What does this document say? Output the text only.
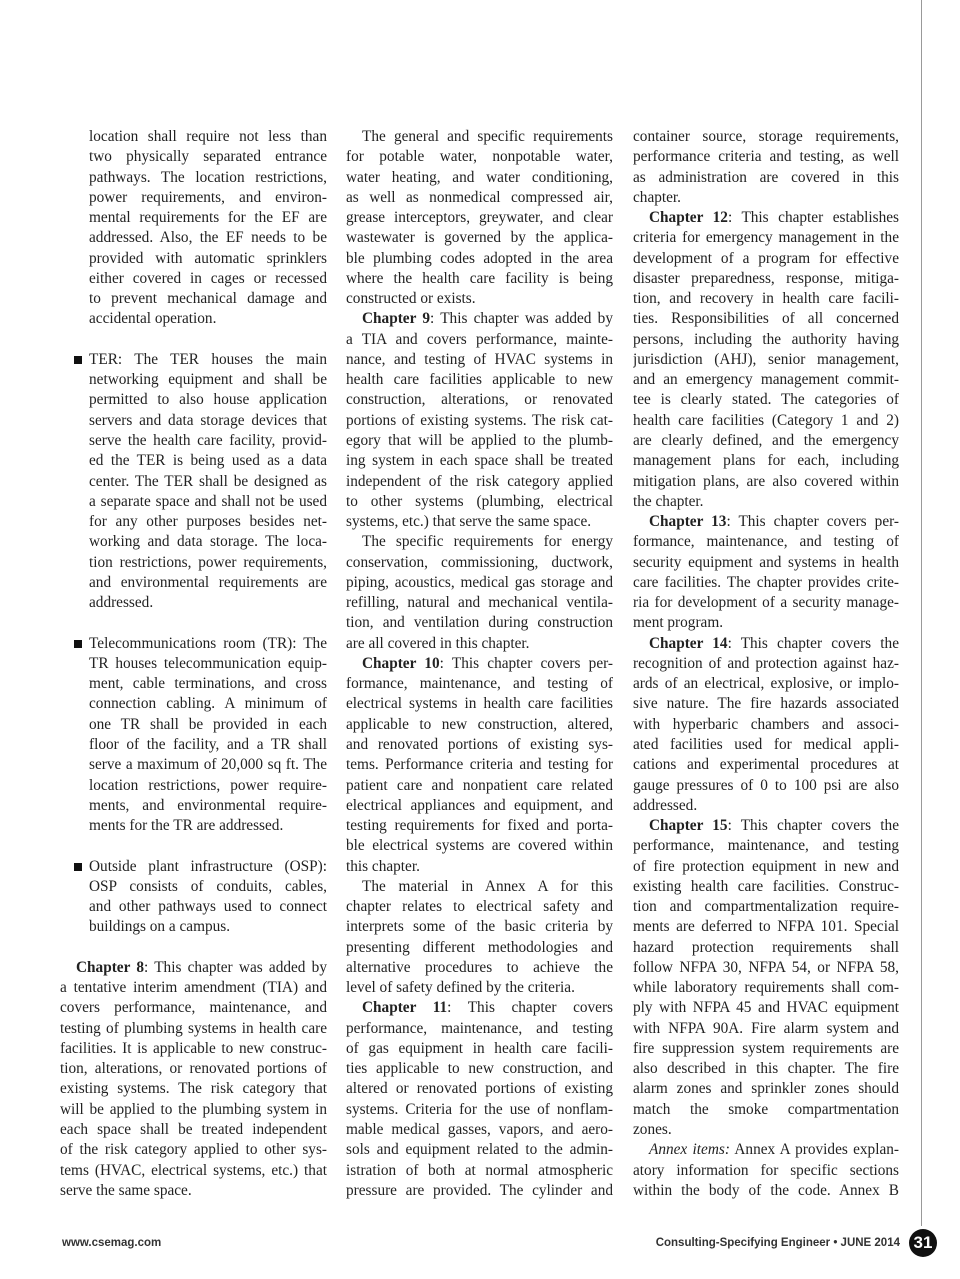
location shall require not less than
two physically separated entrance
pathways. The location restrictions,
power requirements, and environ-
mental requirements for the EF are
addressed. Also, the EF needs to be
provided with automatic sprinklers
either covered in cages or recessed
to prevent mechanical damage and
accidental operation.
TER: The TER houses the main
networking equipment and shall be
permitted to also house application
servers and data storage devices that
serve the health care facility, provid-
ed the TER is being used as a data
center. The TER shall be designed as
a separate space and shall not be used
for any other purposes besides net-
working and data storage. The loca-
tion restrictions, power requirements,
and environmental requirements are
addressed.
Telecommunications room (TR): The
TR houses telecommunication equip-
ment, cable terminations, and cross
connection cabling. A minimum of
one TR shall be provided in each
floor of the facility, and a TR shall
serve a maximum of 20,000 sq ft. The
location restrictions, power require-
ments, and environmental require-
ments for the TR are addressed.
Outside plant infrastructure (OSP):
OSP consists of conduits, cables,
and other pathways used to connect
buildings on a campus.
Chapter 8: This chapter was added by
a tentative interim amendment (TIA) and
covers performance, maintenance, and
testing of plumbing systems in health care
facilities. It is applicable to new construc-
tion, alterations, or renovated portions of
existing systems. The risk category that
will be applied to the plumbing system in
each space shall be treated independent
of the risk category applied to other sys-
tems (HVAC, electrical systems, etc.) that
serve the same space.
The general and specific requirements
for potable water, nonpotable water,
water heating, and water conditioning,
as well as nonmedical compressed air,
grease interceptors, greywater, and clear
wastewater is governed by the applica-
ble plumbing codes adopted in the area
where the health care facility is being
constructed or exists.
Chapter 9: This chapter was added by
a TIA and covers performance, mainte-
nance, and testing of HVAC systems in
health care facilities applicable to new
construction, alterations, or renovated
portions of existing systems. The risk cat-
egory that will be applied to the plumb-
ing system in each space shall be treated
independent of the risk category applied
to other systems (plumbing, electrical
systems, etc.) that serve the same space.
The specific requirements for energy
conservation, commissioning, ductwork,
piping, acoustics, medical gas storage and
refilling, natural and mechanical ventila-
tion, and ventilation during construction
are all covered in this chapter.
Chapter 10: This chapter covers per-
formance, maintenance, and testing of
electrical systems in health care facilities
applicable to new construction, altered,
and renovated portions of existing sys-
tems. Performance criteria and testing for
patient care and nonpatient care related
electrical appliances and equipment, and
testing requirements for fixed and porta-
ble electrical systems are covered within
this chapter.
The material in Annex A for this
chapter relates to electrical safety and
interprets some of the basic criteria by
presenting different methodologies and
alternative procedures to achieve the
level of safety defined by the criteria.
Chapter 11: This chapter covers
performance, maintenance, and testing
of gas equipment in health care facili-
ties applicable to new construction, and
altered or renovated portions of existing
systems. Criteria for the use of nonflam-
mable medical gasses, vapors, and aero-
sols and equipment related to the admin-
istration of both at normal atmospheric
pressure are provided. The cylinder and
container source, storage requirements,
performance criteria and testing, as well
as administration are covered in this
chapter.
Chapter 12: This chapter establishes
criteria for emergency management in the
development of a program for effective
disaster preparedness, response, mitiga-
tion, and recovery in health care facili-
ties. Responsibilities of all concerned
persons, including the authority having
jurisdiction (AHJ), senior management,
and an emergency management commit-
tee is clearly stated. The categories of
health care facilities (Category 1 and 2)
are clearly defined, and the emergency
management plans for each, including
mitigation plans, are also covered within
the chapter.
Chapter 13: This chapter covers per-
formance, maintenance, and testing of
security equipment and systems in health
care facilities. The chapter provides crite-
ria for development of a security manage-
ment program.
Chapter 14: This chapter covers the
recognition of and protection against haz-
ards of an electrical, explosive, or implo-
sive nature. The fire hazards associated
with hyperbaric chambers and associ-
ated facilities used for medical appli-
cations and experimental procedures at
gauge pressures of 0 to 100 psi are also
addressed.
Chapter 15: This chapter covers the
performance, maintenance, and testing
of fire protection equipment in new and
existing health care facilities. Construc-
tion and compartmentalization require-
ments are deferred to NFPA 101. Special
hazard protection requirements shall
follow NFPA 30, NFPA 54, or NFPA 58,
while laboratory requirements shall com-
ply with NFPA 45 and HVAC equipment
with NFPA 90A. Fire alarm system and
fire suppression system requirements are
also described in this chapter. The fire
alarm zones and sprinkler zones should
match the smoke compartmentation
zones.
Annex items: Annex A provides explan-
atory information for specific sections
within the body of the code. Annex B
www.csemag.com	Consulting-Specifying Engineer • JUNE 2014 31
